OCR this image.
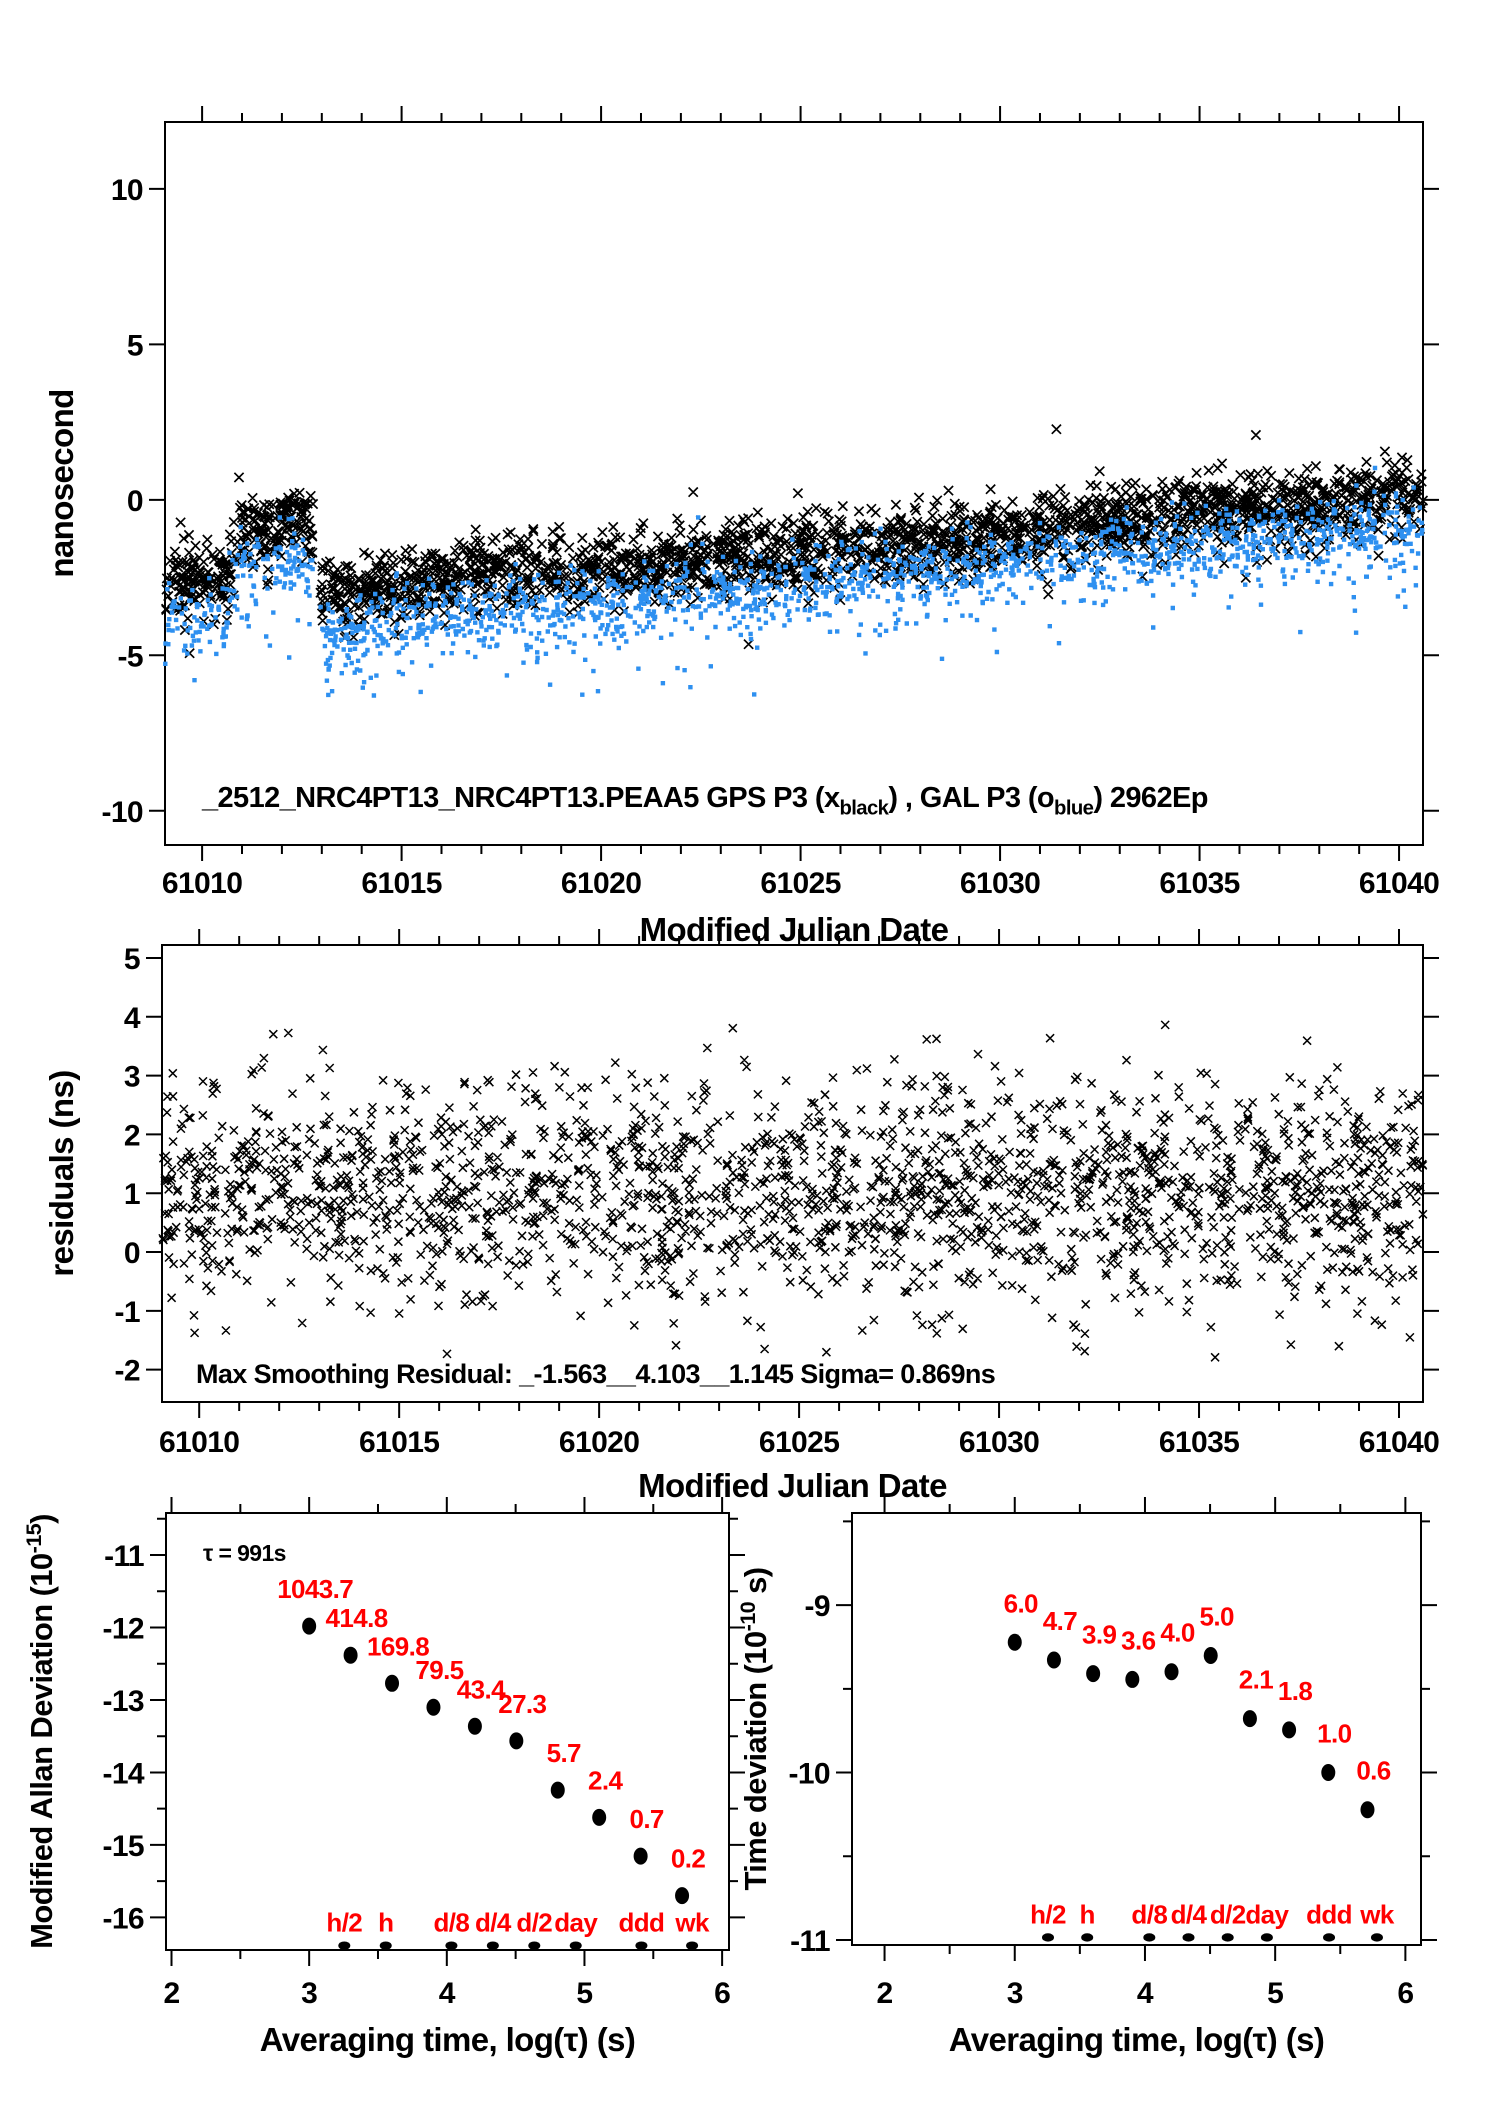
10
5
0
-5
-10
61010	61015	61020	61025	61030	61035	61040
Modified Julian Date
nanosecond
_2512_NRC4PT13_NRC4PT13.PEAA5 GPS P3 $(x_{black})$ , GAL P3 $(o_{blue})$ 2962Ep
5
4
3
2
1
0
-1
-2
61010	61015	61020	61025	61030	61035	61040
Modified Julian Date
residuals (ns)
Max Smoothing Residual: _-1.563__4.103__1.145 Sigma= 0.869ns
-11
-12
-13
-14
-15
-16
2	3	4	5	6
Averaging time, log(τ) (s)
Modified Allan Deviation $(10^{-15})$
1043.7
414.8
169.8
79.5
43.4
27.3
5.7
2.4
0.7
0.2
h/2 h d/8 d/4 d/2 day ddd wk
τ = 991s
-9
-10
-11
2	3	4	5	6
Averaging time, log(τ) (s)
Time deviation ($10^{-10}$ s)
6.0
4.7 3.9 3.6 4.0
5.0
2.1 1.8
1.0
0.6
h/2 h d/8 d/4 d/2 day ddd wk
